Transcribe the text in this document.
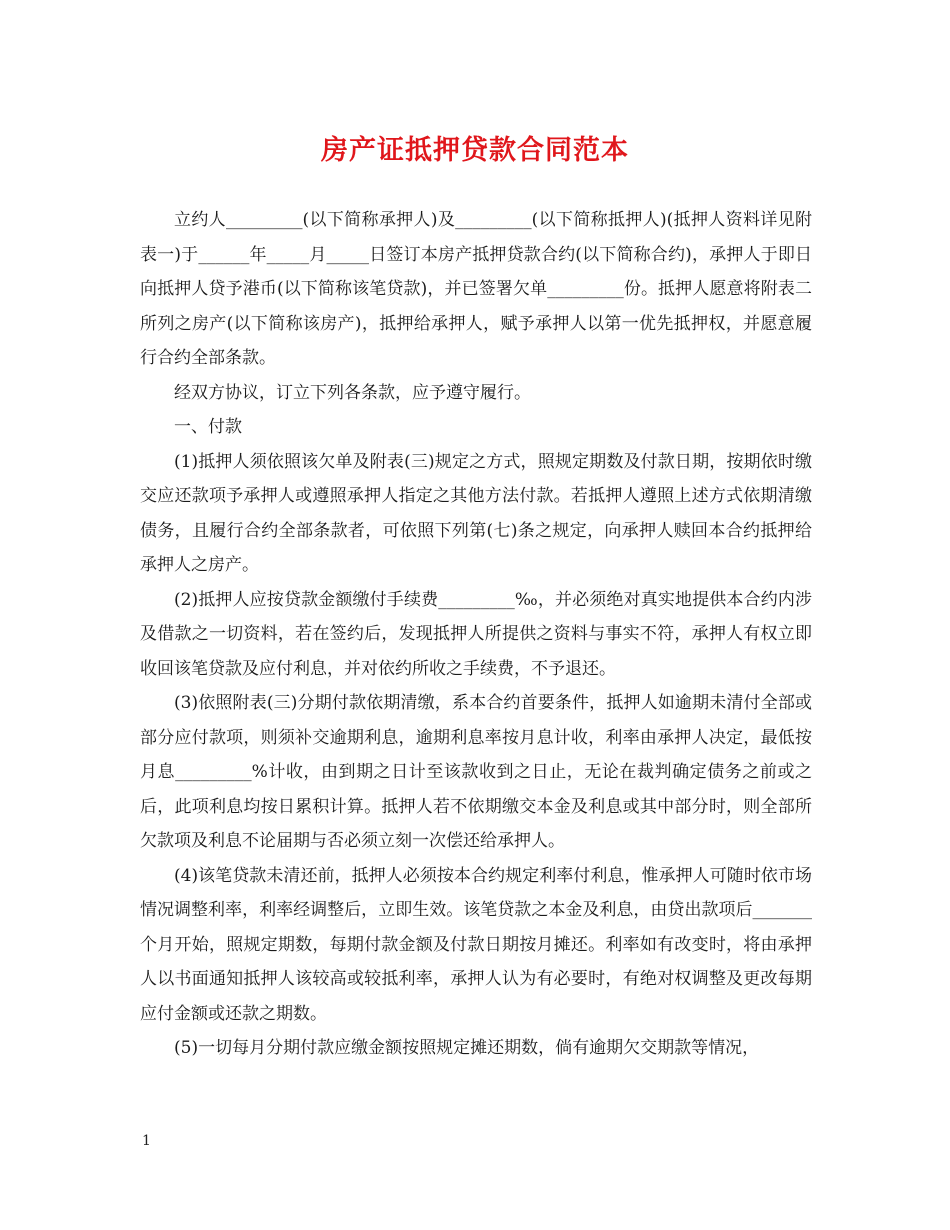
房产证抵押贷款合同范本

立约人_________(以下简称承押人)及_________(以下简称抵押人)(抵押人资料详见附表一)于______年_____月_____日签订本房产抵押贷款合约(以下简称合约)，承押人于即日向抵押人贷予港币(以下简称该笔贷款)，并已签署欠单_________份。抵押人愿意将附表二所列之房产(以下简称该房产)，抵押给承押人，赋予承押人以第一优先抵押权，并愿意履行合约全部条款。

经双方协议，订立下列各条款，应予遵守履行。

一、付款

(1)抵押人须依照该欠单及附表(三)规定之方式，照规定期数及付款日期，按期依时缴交应还款项予承押人或遵照承押人指定之其他方法付款。若抵押人遵照上述方式依期清缴债务，且履行合约全部条款者，可依照下列第(七)条之规定，向承押人赎回本合约抵押给承押人之房产。

(2)抵押人应按贷款金额缴付手续费_________‰，并必须绝对真实地提供本合约内涉及借款之一切资料，若在签约后，发现抵押人所提供之资料与事实不符，承押人有权立即收回该笔贷款及应付利息，并对依约所收之手续费，不予退还。

(3)依照附表(三)分期付款依期清缴，系本合约首要条件，抵押人如逾期未清付全部或部分应付款项，则须补交逾期利息，逾期利息率按月息计收，利率由承押人决定，最低按月息_________%计收，由到期之日计至该款收到之日止，无论在裁判确定债务之前或之后，此项利息均按日累积计算。抵押人若不依期缴交本金及利息或其中部分时，则全部所欠款项及利息不论届期与否必须立刻一次偿还给承押人。

(4)该笔贷款未清还前，抵押人必须按本合约规定利率付利息，惟承押人可随时依市场情况调整利率，利率经调整后，立即生效。该笔贷款之本金及利息，由贷出款项后_______个月开始，照规定期数，每期付款金额及付款日期按月摊还。利率如有改变时，将由承押人以书面通知抵押人该较高或较抵利率，承押人认为有必要时，有绝对权调整及更改每期应付金额或还款之期数。

(5)一切每月分期付款应缴金额按照规定摊还期数，倘有逾期欠交期款等情况，

1
